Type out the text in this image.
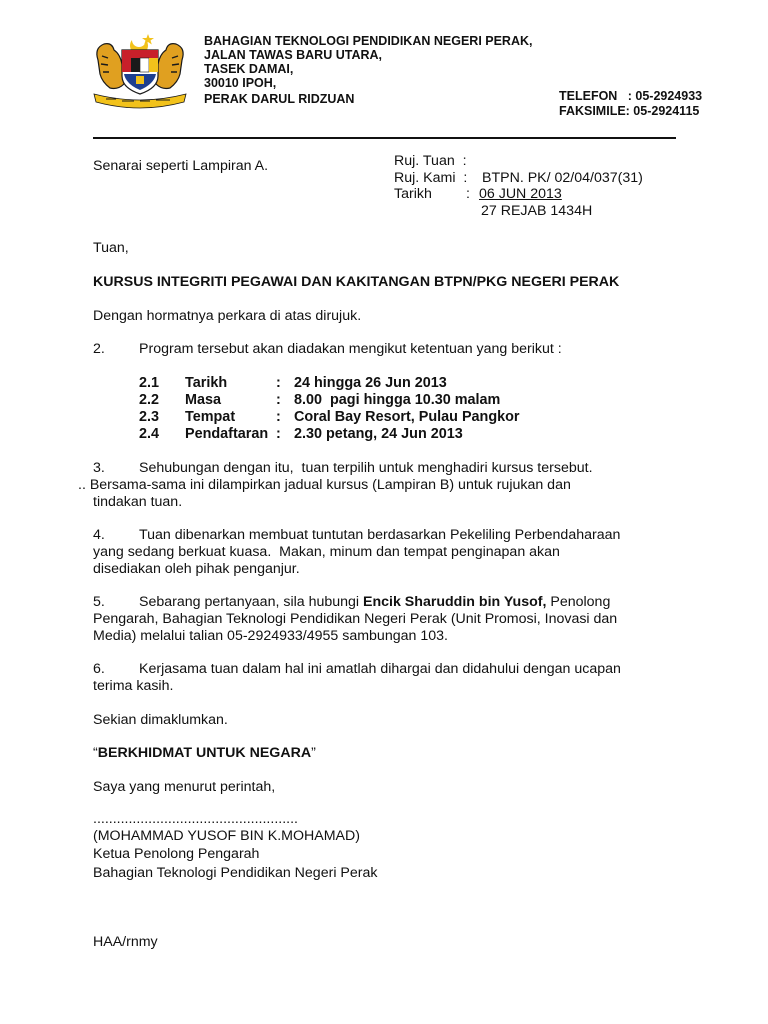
BAHAGIAN TEKNOLOGI PENDIDIKAN NEGERI PERAK,
JALAN TAWAS BARU UTARA,
TASEK DAMAI,
30010 IPOH,
PERAK DARUL RIDZUAN	TELEFON   : 05-2924933
FAKSIMILE: 05-2924115
Senarai seperti Lampiran A.	Ruj. Tuan  :
Ruj. Kami  : BTPN. PK/ 02/04/037(31)
Tarikh : 06 JUN 2013
27 REJAB 1434H
Tuan,
KURSUS INTEGRITI PEGAWAI DAN KAKITANGAN BTPN/PKG NEGERI PERAK
Dengan hormatnya perkara di atas dirujuk.
2. Program tersebut akan diadakan mengikut ketentuan yang berikut :
2.1 Tarikh	: 24 hingga 26 Jun 2013
2.2 Masa	: 8.00  pagi hingga 10.30 malam
2.3 Tempat	: Coral Bay Resort, Pulau Pangkor
2.4 Pendaftaran : 2.30 petang, 24 Jun 2013
3. Sehubungan dengan itu,  tuan terpilih untuk menghadiri kursus tersebut.
.. Bersama-sama ini dilampirkan jadual kursus (Lampiran B) untuk rujukan dan
tindakan tuan.
4. Tuan dibenarkan membuat tuntutan berdasarkan Pekeliling Perbendaharaan
yang sedang berkuat kuasa.  Makan, minum dan tempat penginapan akan
disediakan oleh pihak penganjur.
5. Sebarang pertanyaan, sila hubungi Encik Sharuddin bin Yusof, Penolong
Pengarah, Bahagian Teknologi Pendidikan Negeri Perak (Unit Promosi, Inovasi dan
Media) melalui talian 05-2924933/4955 sambungan 103.
6. Kerjasama tuan dalam hal ini amatlah dihargai dan didahului dengan ucapan
terima kasih.
Sekian dimaklumkan.
“BERKHIDMAT UNTUK NEGARA”
Saya yang menurut perintah,
....................................................
(MOHAMMAD YUSOF BIN K.MOHAMAD)
Ketua Penolong Pengarah
Bahagian Teknologi Pendidikan Negeri Perak
HAA/rnmy
